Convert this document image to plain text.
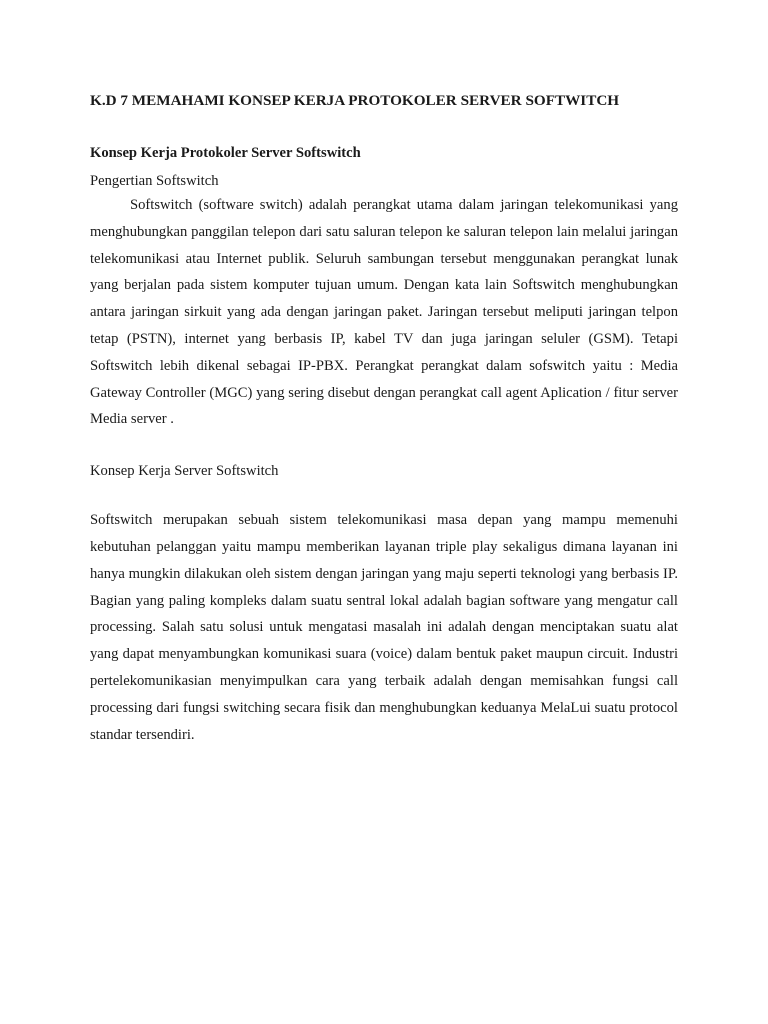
K.D 7 MEMAHAMI KONSEP KERJA PROTOKOLER SERVER SOFTWITCH

Konsep Kerja Protokoler Server Softswitch

Pengertian Softswitch

Softswitch (software switch) adalah perangkat utama dalam jaringan telekomunikasi yang menghubungkan panggilan telepon dari satu saluran telepon ke saluran telepon lain melalui jaringan telekomunikasi atau Internet publik. Seluruh sambungan tersebut menggunakan perangkat lunak yang berjalan pada sistem komputer tujuan umum. Dengan kata lain Softswitch menghubungkan antara jaringan sirkuit yang ada dengan jaringan paket. Jaringan tersebut meliputi jaringan telpon tetap (PSTN), internet yang berbasis IP, kabel TV dan juga jaringan seluler (GSM). Tetapi Softswitch lebih dikenal sebagai IP-PBX. Perangkat perangkat dalam sofswitch yaitu : Media Gateway Controller (MGC) yang sering disebut dengan perangkat call agent Aplication / fitur server Media server .

Konsep Kerja Server Softswitch

Softswitch merupakan sebuah sistem telekomunikasi masa depan yang mampu memenuhi kebutuhan pelanggan yaitu mampu memberikan layanan triple play sekaligus dimana layanan ini hanya mungkin dilakukan oleh sistem dengan jaringan yang maju seperti teknologi yang berbasis IP. Bagian yang paling kompleks dalam suatu sentral lokal adalah bagian software yang mengatur call processing. Salah satu solusi untuk mengatasi masalah ini adalah dengan menciptakan suatu alat yang dapat menyambungkan komunikasi suara (voice) dalam bentuk paket maupun circuit. Industri pertelekomunikasian menyimpulkan cara yang terbaik adalah dengan memisahkan fungsi call processing dari fungsi switching secara fisik dan menghubungkan keduanya MelaLui suatu protocol standar tersendiri.
